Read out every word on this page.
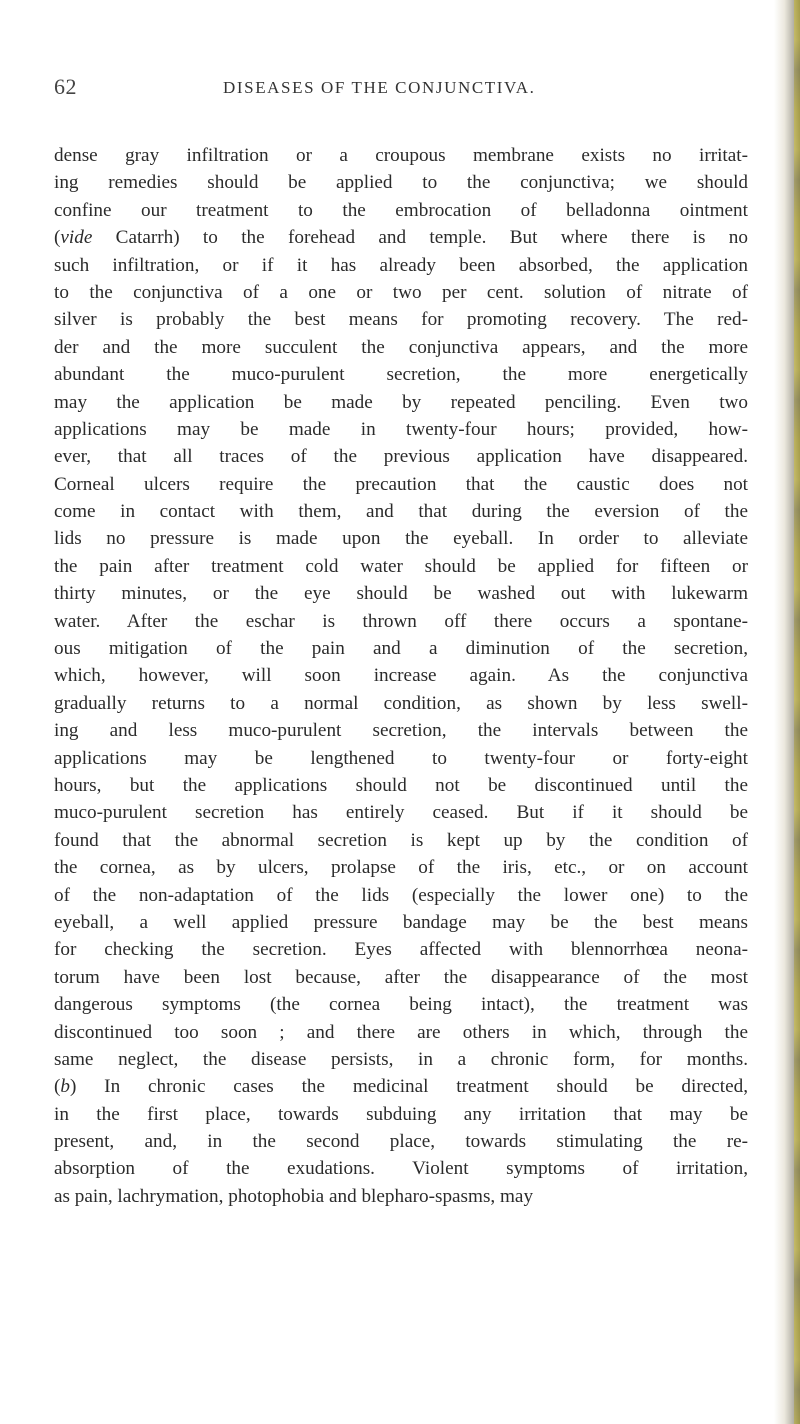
62	DISEASES OF THE CONJUNCTIVA.
dense gray infiltration or a croupous membrane exists no irritat-
ing remedies should be applied to the conjunctiva; we should
confine our treatment to the embrocation of belladonna ointment
(vide Catarrh) to the forehead and temple. But where there is no
such infiltration, or if it has already been absorbed, the application
to the conjunctiva of a one or two per cent. solution of nitrate of
silver is probably the best means for promoting recovery. The red-
der and the more succulent the conjunctiva appears, and the more
abundant the muco-purulent secretion, the more energetically
may the application be made by repeated penciling. Even two
applications may be made in twenty-four hours; provided, how-
ever, that all traces of the previous application have disappeared.
Corneal ulcers require the precaution that the caustic does not
come in contact with them, and that during the eversion of the
lids no pressure is made upon the eyeball. In order to alleviate
the pain after treatment cold water should be applied for fifteen or
thirty minutes, or the eye should be washed out with lukewarm
water. After the eschar is thrown off there occurs a spontane-
ous mitigation of the pain and a diminution of the secretion,
which, however, will soon increase again. As the conjunctiva
gradually returns to a normal condition, as shown by less swell-
ing and less muco-purulent secretion, the intervals between the
applications may be lengthened to twenty-four or forty-eight
hours, but the applications should not be discontinued until the
muco-purulent secretion has entirely ceased. But if it should be
found that the abnormal secretion is kept up by the condition of
the cornea, as by ulcers, prolapse of the iris, etc., or on account
of the non-adaptation of the lids (especially the lower one) to the
eyeball, a well applied pressure bandage may be the best means
for checking the secretion. Eyes affected with blennorrhœa neona-
torum have been lost because, after the disappearance of the most
dangerous symptoms (the cornea being intact), the treatment was
discontinued too soon ; and there are others in which, through the
same neglect, the disease persists, in a chronic form, for months.
(b) In chronic cases the medicinal treatment should be directed,
in the first place, towards subduing any irritation that may be
present, and, in the second place, towards stimulating the re-
absorption of the exudations. Violent symptoms of irritation,
as pain, lachrymation, photophobia and blepharo-spasms, may
